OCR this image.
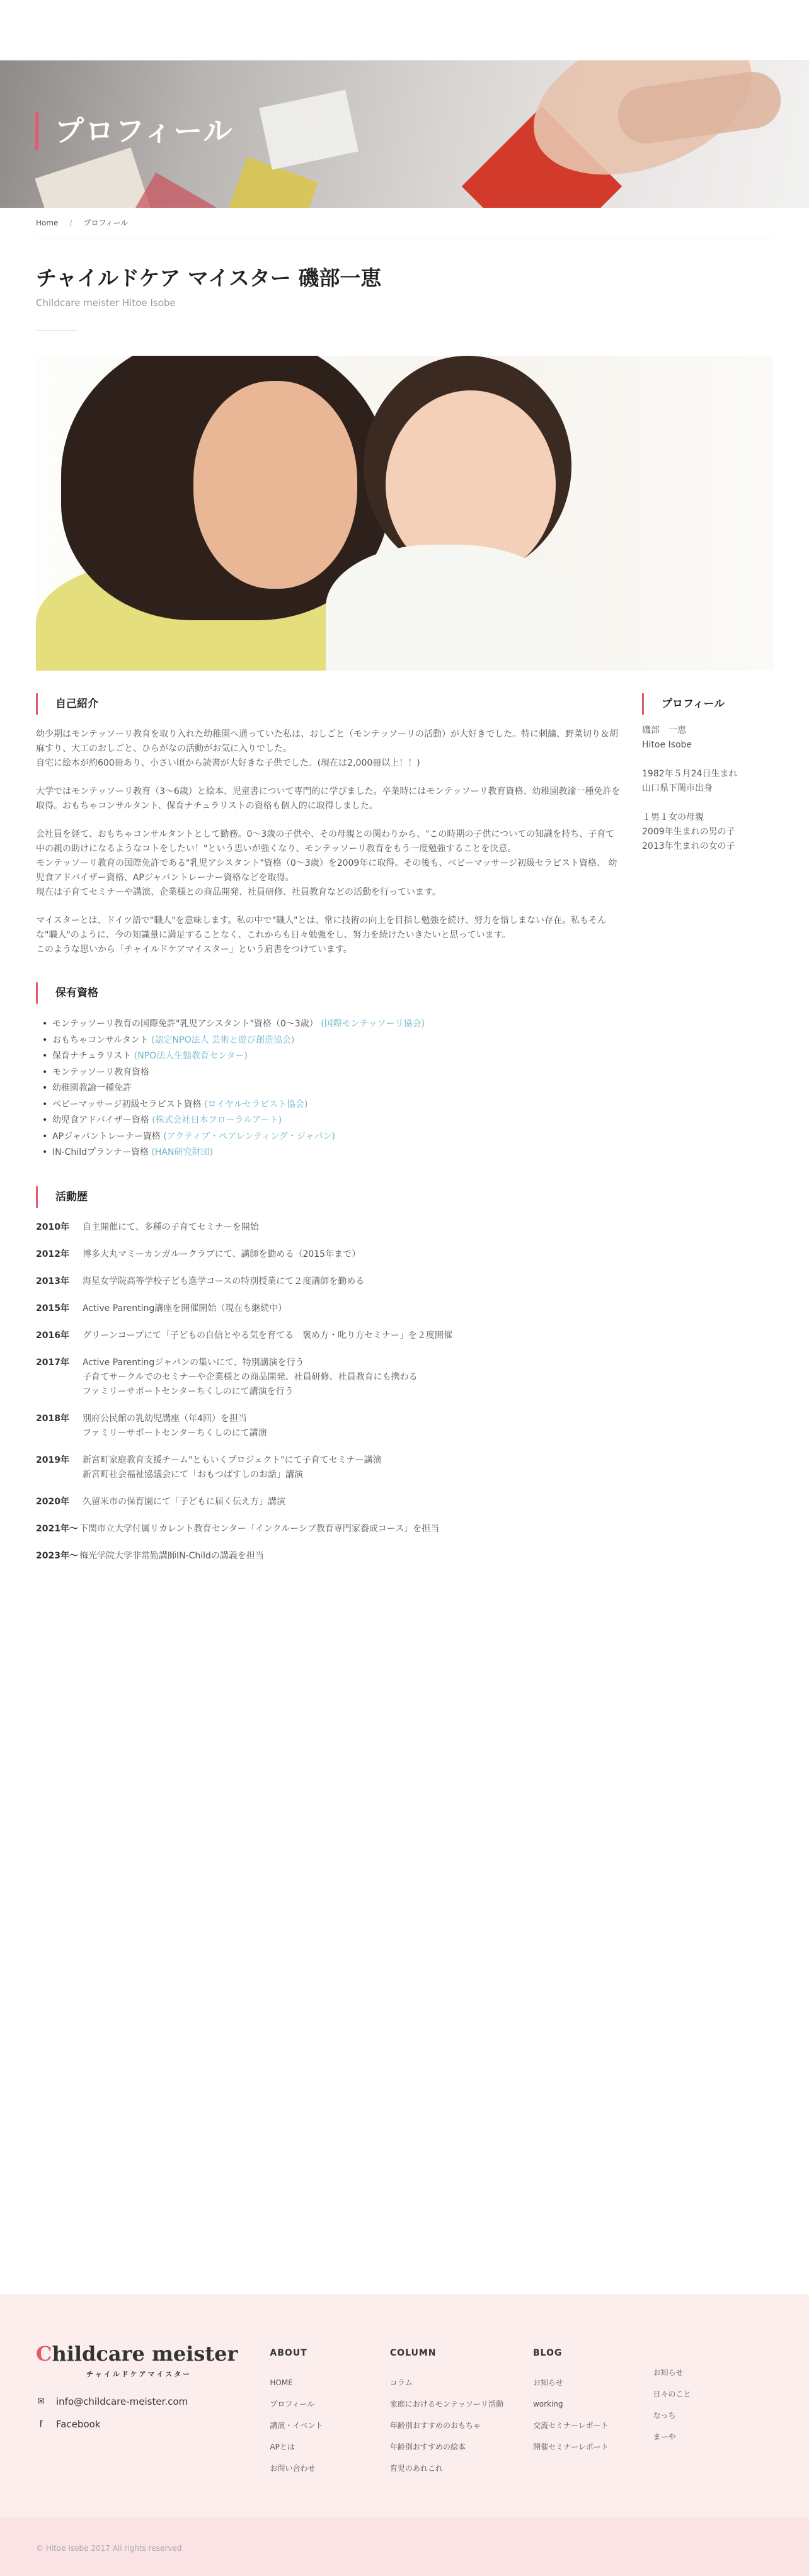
プロフィール
Home / プロフィール
チャイルドケア マイスター 磯部一恵
Childcare meister Hitoe Isobe
自己紹介

幼少期はモンテッソーリ教育を取り入れた幼稚園へ通っていた私は、おしごと（モンテッソーリの活動）が大好きでした。特に刺繍、野菜切り＆胡麻すり、大工のおしごと、ひらがなの活動がお気に入りでした。
自宅に絵本が約600冊あり、小さい頃から読書が大好きな子供でした。(現在は2,000冊以上！！)

大学ではモンテッソーリ教育（3〜6歳）と絵本、児童書について専門的に学びました。卒業時にはモンテッソーリ教育資格、幼稚園教諭一種免許を取得。おもちゃコンサルタント、保育ナチュラリストの資格も個人的に取得しました。

会社員を経て、おもちゃコンサルタントとして勤務。0〜3歳の子供や、その母親との関わりから、"この時期の子供についての知識を持ち、子育て中の親の助けになるようなコトをしたい！"という思いが強くなり、モンテッソーリ教育をもう一度勉強することを決意。
モンテッソーリ教育の国際免許である"乳児アシスタント"資格（0〜3歳）を2009年に取得。その後も、ベビーマッサージ初級セラピスト資格、 幼児食アドバイザー資格、APジャパントレーナー資格などを取得。
現在は子育てセミナーや講演、企業様との商品開発、社員研修、社員教育などの活動を行っています。

マイスターとは、ドイツ語で"職人"を意味します。私の中で"職人"とは、常に技術の向上を目指し勉強を続け、努力を惜しまない存在。私もそんな"職人"のように、今の知識量に満足することなく、これからも日々勉強をし、努力を続けたいきたいと思っています。
このような思いから「チャイルドケアマイスター」という肩書をつけています。

保有資格
• モンテッソーリ教育の国際免許"乳児アシスタント"資格（0〜3歳） (国際モンテッソーリ協会)
• おもちゃコンサルタント (認定NPO法人 芸術と遊び創造協会)
• 保育ナチュラリスト (NPO法人生態教育センター)
• モンテッソーリ教育資格
• 幼稚園教諭一種免許
• ベビーマッサージ初級セラピスト資格 (ロイヤルセラピスト協会)
• 幼児食アドバイザー資格 (株式会社日本フローラルアート)
• APジャパントレーナー資格 (アクティブ・ペアレンティング・ジャパン)
• IN-Childプランナー資格 (HAN研究財団)
活動歴
2010年	自主開催にて、多種の子育てセミナーを開始
2012年	博多大丸マミーカンガルークラブにて、講師を勤める（2015年まで）
2013年	海星女学院高等学校子ども進学コースの特別授業にて２度講師を勤める
2015年	Active Parenting講座を開催開始（現在も継続中）
2016年	グリーンコープにて「子どもの自信とやる気を育てる　褒め方・叱り方セミナー」を２度開催
2017年	Active Parentingジャパンの集いにて、特別講演を行う
子育てサークルでのセミナーや企業様との商品開発、社員研修、社員教育にも携わる
ファミリーサポートセンターちくしのにて講演を行う
2018年	別府公民館の乳幼児講座（年4回）を担当
ファミリーサポートセンターちくしのにて講演
2019年	新宮町家庭教育支援チーム"ともいくプロジェクト"にて子育てセミナー講演
新宮町社会福祉協議会にて「おもつばすしのお話」講演
2020年	久留米市の保育園にて「子どもに届く伝え方」講演
2021年〜 下関市立大学付属リカレント教育センター「インクルーシブ教育専門家養成コース」を担当
2023年〜 梅光学院大学非常勤講師IN-Childの講義を担当
プロフィール

磯部　一恵
Hitoe Isobe

1982年５月24日生まれ
山口県下関市出身

１男１女の母親
2009年生まれの男の子
2013年生まれの女の子

Childcare meister
チャイルドケアマイスター
✉ info@childcare-meister.com
f	Facebook
ABOUT
HOME
プロフィール
講演・イベント
APとは
お問い合わせ
COLUMN
コラム
家庭におけるモンテッソーリ活動
年齢別おすすめのおもちゃ
年齢別おすすめの絵本
育児のあれこれ
BLOG
お知らせ
working
交流セミナーレポート
開催セミナーレポート
お知らせ
日々のこと
なっち
まーや
© Hitoe Isobe 2017 All rights reserved
